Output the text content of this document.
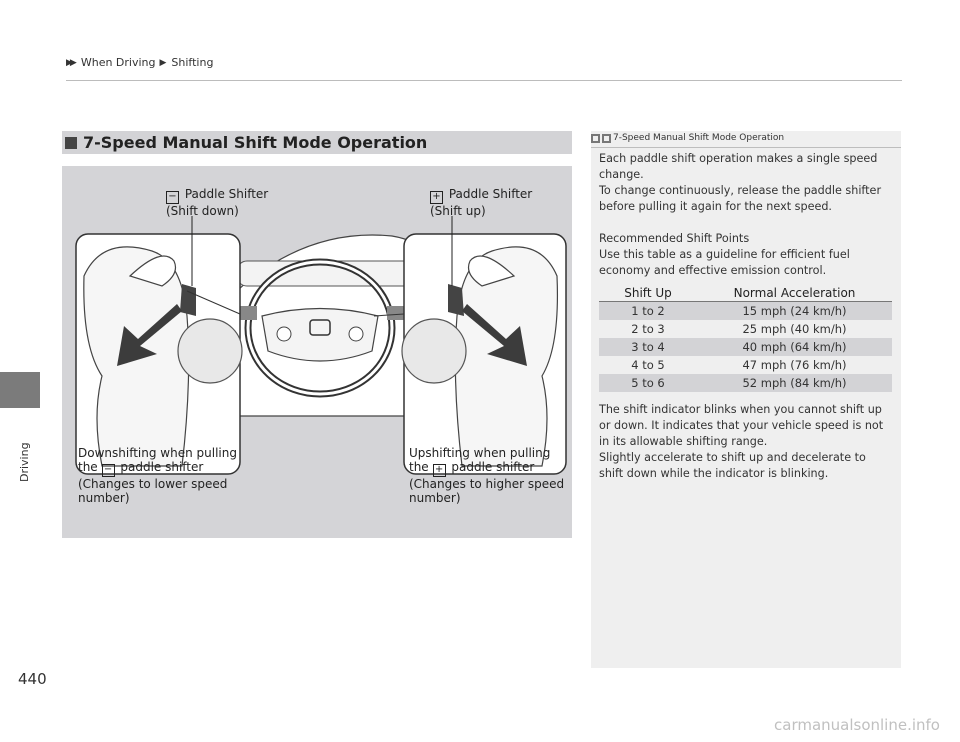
▶▶ When Driving ▶ Shifting
Driving
440
7-Speed Manual Shift Mode Operation
− Paddle Shifter
(Shift down)
+ Paddle Shifter
(Shift up)
Downshifting when pulling
the − paddle shifter
(Changes to lower speed
number)
Upshifting when pulling
the + paddle shifter
(Changes to higher speed
number)
7-Speed Manual Shift Mode Operation
Each paddle shift operation makes a single speed change.
To change continuously, release the paddle shifter before pulling it again for the next speed.
Recommended Shift Points
Use this table as a guideline for efficient fuel economy and effective emission control.
Shift Up	Normal Acceleration
1 to 2	15 mph (24 km/h)
2 to 3	25 mph (40 km/h)
3 to 4	40 mph (64 km/h)
4 to 5	47 mph (76 km/h)
5 to 6	52 mph (84 km/h)
The shift indicator blinks when you cannot shift up or down. It indicates that your vehicle speed is not in its allowable shifting range.
Slightly accelerate to shift up and decelerate to shift down while the indicator is blinking.
carmanualsonline.info
